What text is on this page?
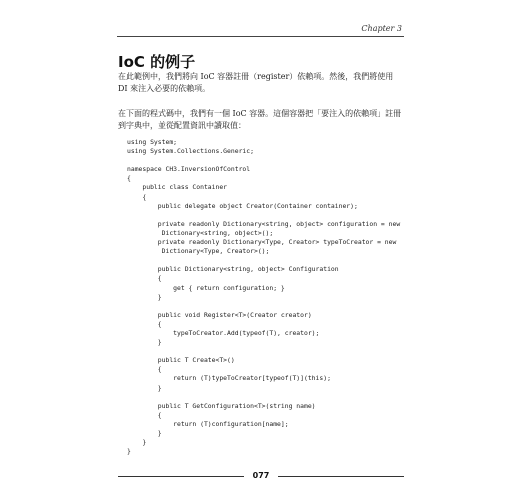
Chapter 3
IoC 的例子

在此範例中，我們將向 IoC 容器註冊（register）依賴項。然後，我們將使用 DI 來注入必要的依賴項。

在下面的程式碼中，我們有一個 IoC 容器。這個容器把「要注入的依賴項」註冊到字典中，並從配置資訊中讀取值：

using System;
using System.Collections.Generic;
namespace CH3.InversionOfControl
{
public class Container
{
public delegate object Creator(Container container);
private readonly Dictionary<string, object> configuration = new
Dictionary<string, object>();
private readonly Dictionary<Type, Creator> typeToCreator = new
Dictionary<Type, Creator>();
public Dictionary<string, object> Configuration
{
get { return configuration; }
}
public void Register<T>(Creator creator)
{
typeToCreator.Add(typeof(T), creator);
}
public T Create<T>()
{
return (T)typeToCreator[typeof(T)](this);
}
public T GetConfiguration<T>(string name)
{
return (T)configuration[name];
}
}
}
077
